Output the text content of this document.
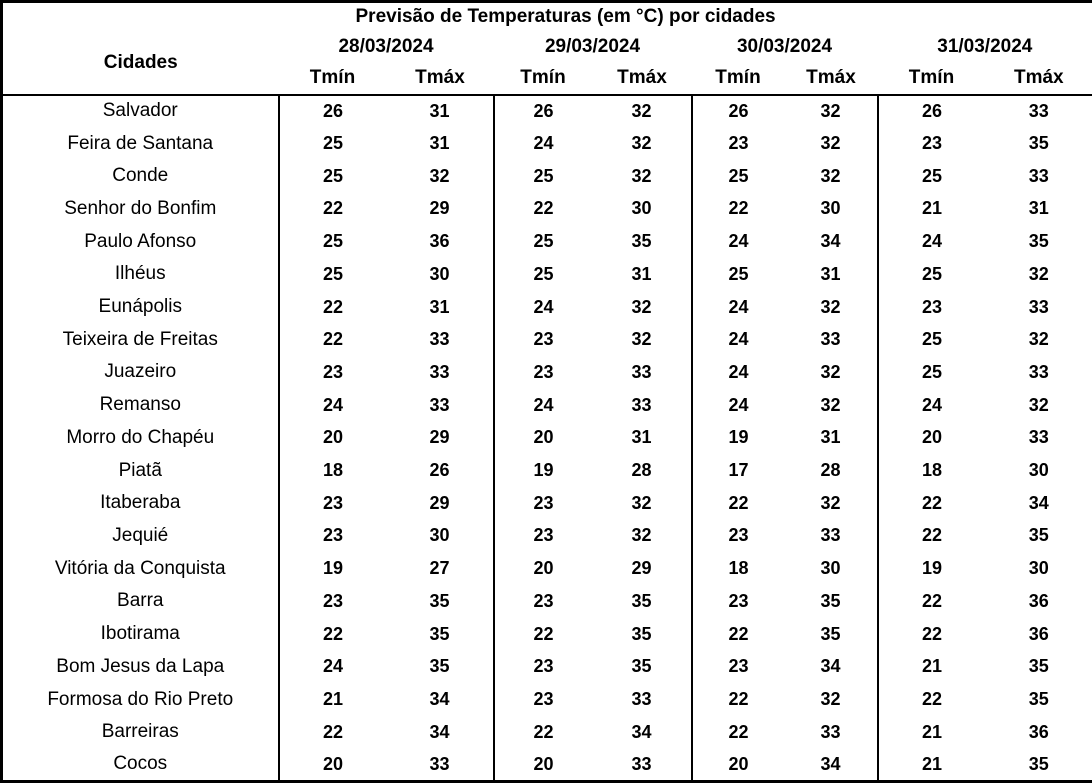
Previsão de Temperaturas (em °C) por cidades								
Cidades	28/03/2024		29/03/2024		30/03/2024		31/03/2024	
	Tmín	Tmáx	Tmín	Tmáx	Tmín	Tmáx	Tmín	Tmáx
Salvador	26	31	26	32	26	32	26	33
Feira de Santana	25	31	24	32	23	32	23	35
Conde	25	32	25	32	25	32	25	33
Senhor do Bonfim	22	29	22	30	22	30	21	31
Paulo Afonso	25	36	25	35	24	34	24	35
Ilhéus	25	30	25	31	25	31	25	32
Eunápolis	22	31	24	32	24	32	23	33
Teixeira de Freitas	22	33	23	32	24	33	25	32
Juazeiro	23	33	23	33	24	32	25	33
Remanso	24	33	24	33	24	32	24	32
Morro do Chapéu	20	29	20	31	19	31	20	33
Piatã	18	26	19	28	17	28	18	30
Itaberaba	23	29	23	32	22	32	22	34
Jequié	23	30	23	32	23	33	22	35
Vitória da Conquista	19	27	20	29	18	30	19	30
Barra	23	35	23	35	23	35	22	36
Ibotirama	22	35	22	35	22	35	22	36
Bom Jesus da Lapa	24	35	23	35	23	34	21	35
Formosa do Rio Preto	21	34	23	33	22	32	22	35
Barreiras	22	34	22	34	22	33	21	36
Cocos	20	33	20	33	20	34	21	35
